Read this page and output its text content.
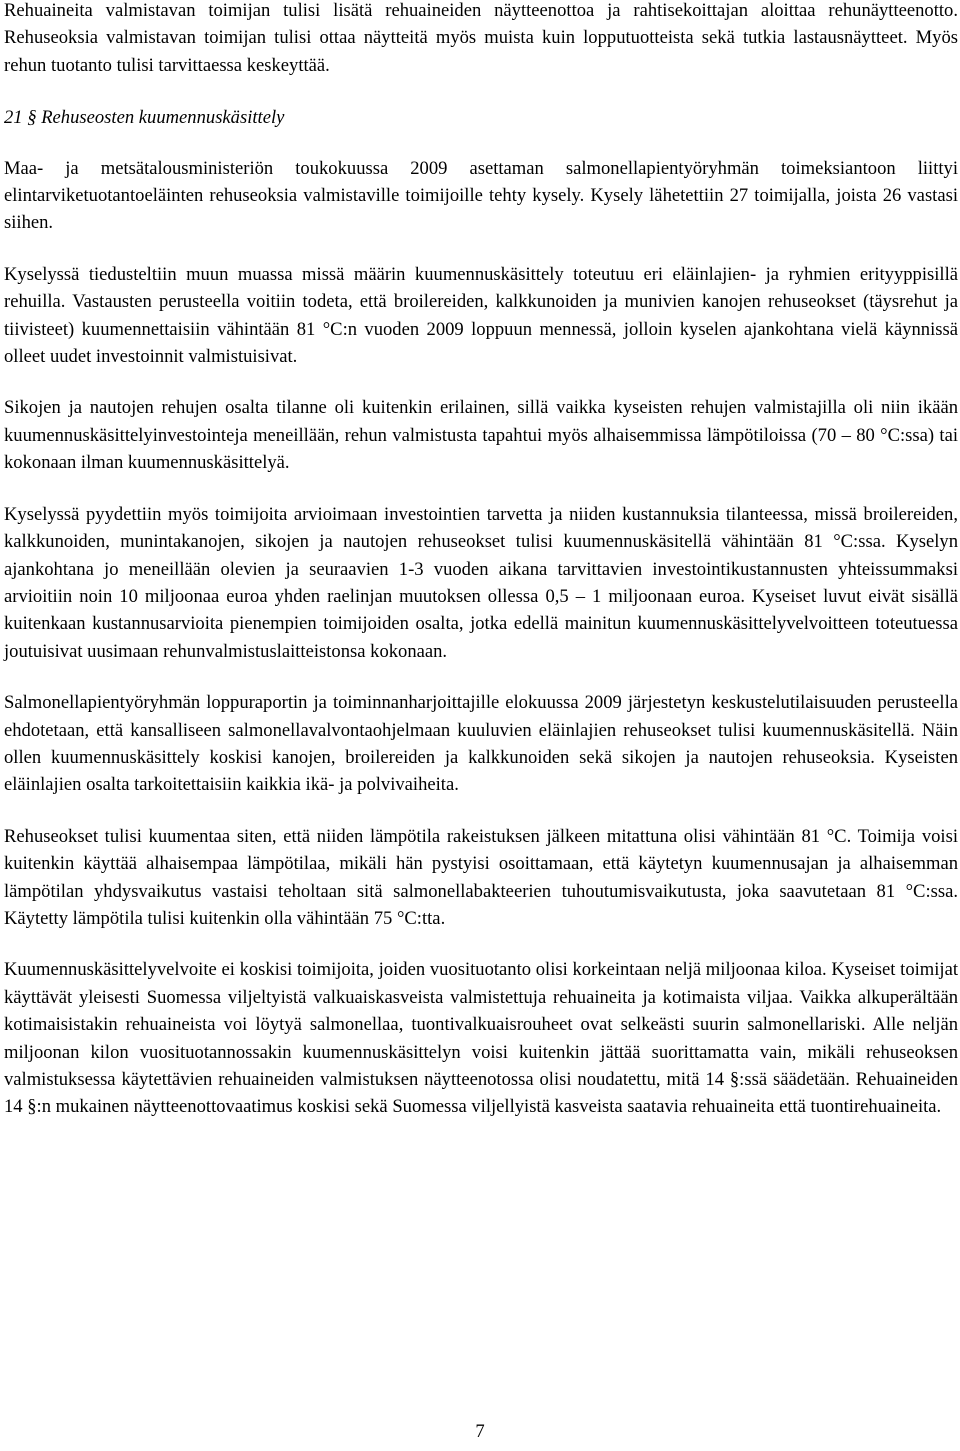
Rehuaineita valmistavan toimijan tulisi lisätä rehuaineiden näytteenottoa ja rahtisekoittajan aloittaa rehunäytteenotto. Rehuseoksia valmistavan toimijan tulisi ottaa näytteitä myös muista kuin lopputuotteista sekä tutkia lastausnäytteet. Myös rehun tuotanto tulisi tarvittaessa keskeyttää.

21 § Rehuseosten kuumennuskäsittely

Maa- ja metsätalousministeriön toukokuussa 2009 asettaman salmonellapientyöryhmän toimeksiantoon liittyi elintarviketuotantoeläinten rehuseoksia valmistaville toimijoille tehty kysely. Kysely lähetettiin 27 toimijalla, joista 26 vastasi siihen.

Kyselyssä tiedusteltiin muun muassa missä määrin kuumennuskäsittely toteutuu eri eläinlajien- ja ryhmien erityyppisillä rehuilla. Vastausten perusteella voitiin todeta, että broilereiden, kalkkunoiden ja munivien kanojen rehuseokset (täysrehut ja tiivisteet) kuumennettaisiin vähintään 81 °C:n vuoden 2009 loppuun mennessä, jolloin kyselen ajankohtana vielä käynnissä olleet uudet investoinnit valmistuisivat.

Sikojen ja nautojen rehujen osalta tilanne oli kuitenkin erilainen, sillä vaikka kyseisten rehujen valmistajilla oli niin ikään kuumennuskäsittelyinvestointeja meneillään, rehun valmistusta tapahtui myös alhaisemmissa lämpötiloissa (70 – 80 °C:ssa) tai kokonaan ilman kuumennuskäsittelyä.

Kyselyssä pyydettiin myös toimijoita arvioimaan investointien tarvetta ja niiden kustannuksia tilanteessa, missä broilereiden, kalkkunoiden, munintakanojen, sikojen ja nautojen rehuseokset tulisi kuumennuskäsitellä vähintään 81 °C:ssa. Kyselyn ajankohtana jo meneillään olevien ja seuraavien 1-3 vuoden aikana tarvittavien investointikustannusten yhteissummaksi arvioitiin noin 10 miljoonaa euroa yhden raelinjan muutoksen ollessa 0,5 – 1 miljoonaan euroa. Kyseiset luvut eivät sisällä kuitenkaan kustannusarvioita pienempien toimijoiden osalta, jotka edellä mainitun kuumennuskäsittelyvelvoitteen toteutuessa joutuisivat uusimaan rehunvalmistuslaitteistonsa kokonaan.

Salmonellapientyöryhmän loppuraportin ja toiminnanharjoittajille elokuussa 2009 järjestetyn keskustelutilaisuuden perusteella ehdotetaan, että kansalliseen salmonellavalvontaohjelmaan kuuluvien eläinlajien rehuseokset tulisi kuumennuskäsitellä. Näin ollen kuumennuskäsittely koskisi kanojen, broilereiden ja kalkkunoiden sekä sikojen ja nautojen rehuseoksia. Kyseisten eläinlajien osalta tarkoitettaisiin kaikkia ikä- ja polvivaiheita.

Rehuseokset tulisi kuumentaa siten, että niiden lämpötila rakeistuksen jälkeen mitattuna olisi vähintään 81 °C. Toimija voisi kuitenkin käyttää alhaisempaa lämpötilaa, mikäli hän pystyisi osoittamaan, että käytetyn kuumennusajan ja alhaisemman lämpötilan yhdysvaikutus vastaisi teholtaan sitä salmonellabakteerien tuhoutumisvaikutusta, joka saavutetaan 81 °C:ssa. Käytetty lämpötila tulisi kuitenkin olla vähintään 75 °C:tta.

Kuumennuskäsittelyvelvoite ei koskisi toimijoita, joiden vuosituotanto olisi korkeintaan neljä miljoonaa kiloa. Kyseiset toimijat käyttävät yleisesti Suomessa viljeltyistä valkuaiskasveista valmistettuja rehuaineita ja kotimaista viljaa. Vaikka alkuperältään kotimaisistakin rehuaineista voi löytyä salmonellaa, tuontivalkuaisrouheet ovat selkeästi suurin salmonellariski. Alle neljän miljoonan kilon vuosituotannossakin kuumennuskäsittelyn voisi kuitenkin jättää suorittamatta vain, mikäli rehuseoksen valmistuksessa käytettävien rehuaineiden valmistuksen näytteenotossa olisi noudatettu, mitä 14 §:ssä säädetään. Rehuaineiden 14 §:n mukainen näytteenottovaatimus koskisi sekä Suomessa viljellyistä kasveista saatavia rehuaineita että tuontirehuaineita.

7
